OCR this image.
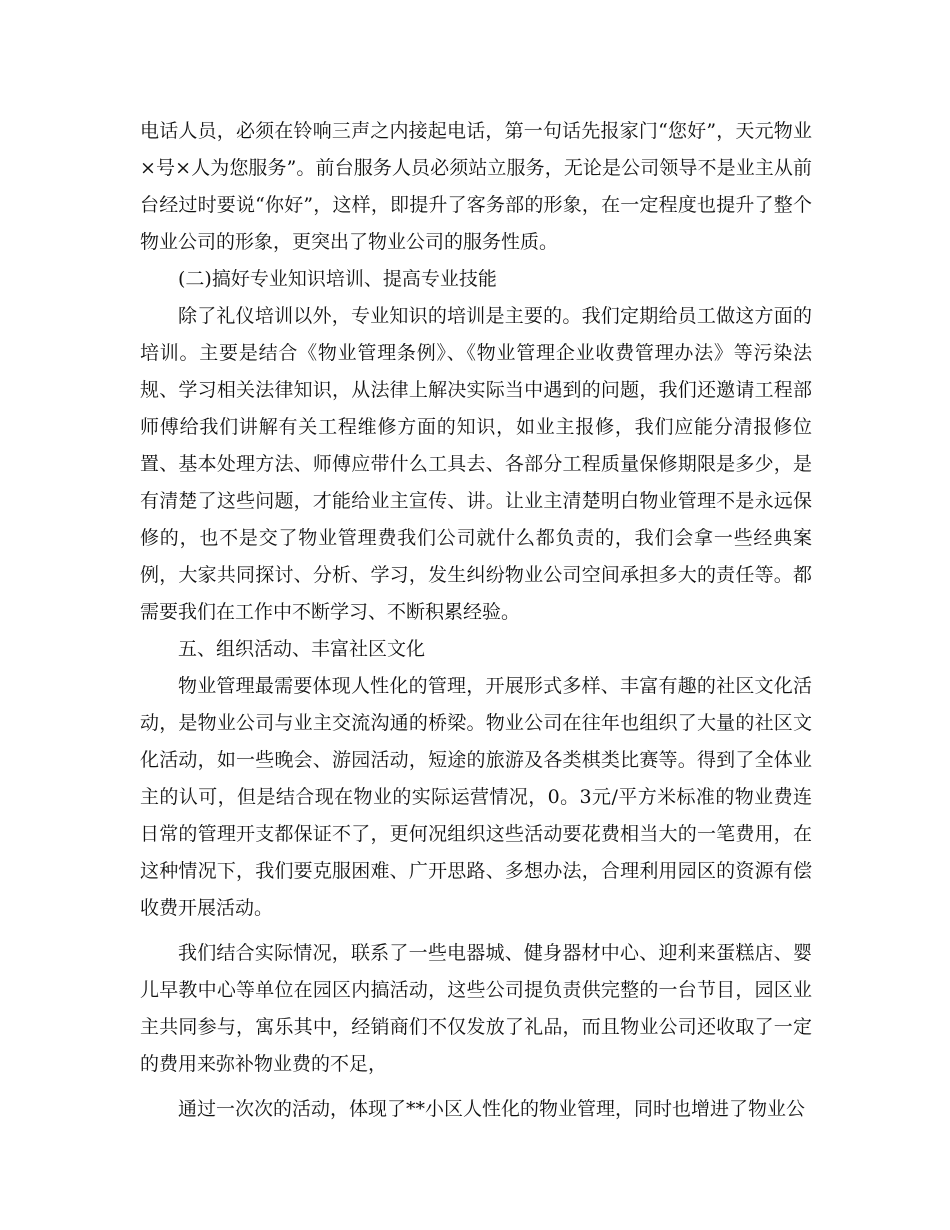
电话人员，必须在铃响三声之内接起电话，第一句话先报家门“您好”，天元物业×号×人为您服务”。前台服务人员必须站立服务，无论是公司领导不是业主从前台经过时要说“你好”，这样，即提升了客务部的形象，在一定程度也提升了整个物业公司的形象，更突出了物业公司的服务性质。

(二)搞好专业知识培训、提高专业技能

除了礼仪培训以外，专业知识的培训是主要的。我们定期给员工做这方面的培训。主要是结合《物业管理条例》、《物业管理企业收费管理办法》等污染法规、学习相关法律知识，从法律上解决实际当中遇到的问题，我们还邀请工程部师傅给我们讲解有关工程维修方面的知识，如业主报修，我们应能分清报修位置、基本处理方法、师傅应带什么工具去、各部分工程质量保修期限是多少，是有清楚了这些问题，才能给业主宣传、讲。让业主清楚明白物业管理不是永远保修的，也不是交了物业管理费我们公司就什么都负责的，我们会拿一些经典案例，大家共同探讨、分析、学习，发生纠纷物业公司空间承担多大的责任等。都需要我们在工作中不断学习、不断积累经验。

五、组织活动、丰富社区文化

物业管理最需要体现人性化的管理，开展形式多样、丰富有趣的社区文化活动，是物业公司与业主交流沟通的桥梁。物业公司在往年也组织了大量的社区文化活动，如一些晚会、游园活动，短途的旅游及各类棋类比赛等。得到了全体业主的认可，但是结合现在物业的实际运营情况，0。3元/平方米标准的物业费连日常的管理开支都保证不了，更何况组织这些活动要花费相当大的一笔费用，在这种情况下，我们要克服困难、广开思路、多想办法，合理利用园区的资源有偿收费开展活动。

我们结合实际情况，联系了一些电器城、健身器材中心、迎利来蛋糕店、婴儿早教中心等单位在园区内搞活动，这些公司提负责供完整的一台节目，园区业主共同参与，寓乐其中，经销商们不仅发放了礼品，而且物业公司还收取了一定的费用来弥补物业费的不足，

通过一次次的活动，体现了**小区人性化的物业管理，同时也增进了物业公
